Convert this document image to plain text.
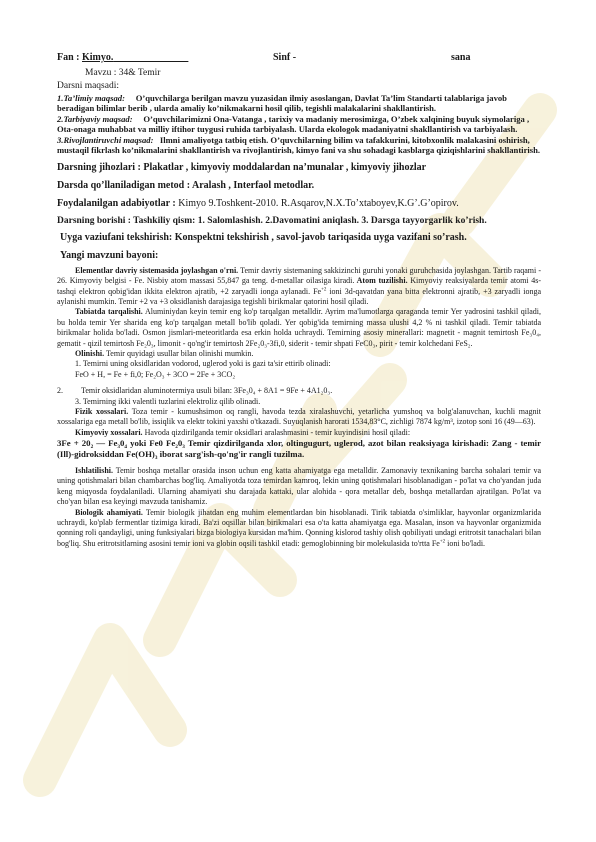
Fan : Kimyo.	Sinf -	sana
Mavzu : 34& Temir
Darsni maqsadi:
1.Ta’limiy maqsad: O’quvchilarga berilgan mavzu yuzasidan ilmiy asoslangan, Davlat Ta’lim Standarti talablariga javob beradigan bilimlar berib , ularda amaliy ko’nikmakarni hosil qilib, tegishli malakalarini shakllantirish.
2.Tarbiyaviy maqsad: O’quvchilarimizni Ona-Vatanga , tarixiy va madaniy merosimizga, O’zbek xalqining buyuk siymolariga , Ota-onaga muhabbat va milliy iftihor tuygusi ruhida tarbiyalash. Ularda ekologok madaniyatni shakllantirish va tarbiyalash.
3.Rivojlantiruvchi maqsad: Ilmni amaliyotga tatbiq etish. O’quvchilarning bilim va tafakkurini, kitobxonlik malakasini oshirish, mustaqil fikrlash ko’nikmalarini shakllantirish va rivojlantirish, kimyo fani va shu sohadagi kasblarga qiziqishlarini shakllantirish.
Darsning jihozlari : Plakatlar , kimyoviy moddalardan na’munalar , kimyoviy jihozlar
Darsda qo’llaniladigan metod : Aralash , Interfaol metodlar.
Foydalanilgan adabiyotlar : Kimyo 9.Toshkent-2010. R.Asqarov,N.X.To’xtaboyev,K.G’.G’opirov.
Darsning borishi : Tashkiliy qism: 1. Salomlashish. 2.Davomatini aniqlash. 3. Darsga tayyorgarlik ko’rish.
Uyga vaziufani tekshirish: Konspektni tekshirish , savol-javob tariqasida uyga vazifani so’rash.
Yangi mavzuni bayoni:

Elementlar davriy sistemasida joylashgan o'rni. Temir davriy sistemaning sakkizinchi guruhi yonaki guruhchasida joylashgan. Tartib raqami - 26. Kimyoviy belgisi - Fe. Nisbiy atom massasi 55,847 ga teng. d-metallar oilasiga kiradi. Atom tuzilishi. Kimyoviy reaksiyalarda temir atomi 4s-tashqi elektron qobig'idan ikkita elektron ajratib, +2 zaryadli ionga aylanadi. $Fe^{+2}$ ioni 3d-qavatdan yana bitta elektronni ajratib, +3 zaryadli ionga aylanishi mumkin. Temir +2 va +3 oksidlanish darajasiga tegishli birikmalar qatorini hosil qiladi.

Tabiatda tarqalishi. Aluminiydan keyin temir eng ko'p tarqalgan metalldir. Ayrim ma'lumotlarga qaraganda temir Yer yadrosini tashkil qiladi, bu holda temir Yer sharida eng ko'p tarqalgan metall bo'lib qoladi. Yer qobig'ida temirning massa ulushi 4,2 % ni tashkil qiladi. Temir tabiatda birikmalar holida bo'ladi. Osmon jismlari-meteoritlarda esa erkin holda uchraydi. Temirning asosiy minerallari: magnetit - magnit temirtosh Fe₃0₄, gematit - qizil temirtosh Fe₂0₃, limonit - qo'ng'ir temirtosh 2Fe₂0₃-3fi,0, siderit - temir shpati FeC0₃, pirit - temir kolchedani FeS₂.

Olinishi. Temir quyidagi usullar bilan olinishi mumkin.

1. Temirni uning oksidlaridan vodorod, uglerod yoki is gazi ta'sir ettirib olinadi:

FeO + H, = Fe + fi,0; Fe₂O₃ + 3CO = 2Fe + 3CO₂

2. Temir oksidlaridan aluminotermiya usuli bilan: 3Fe₃0₄ + 8A1 = 9Fe + 4A1₂0₃.

3. Temirning ikki valentli tuzlarini elektroliz qilib olinadi.

Fizik xossalari. Toza temir - kumushsimon oq rangli, havoda tezda xiralashuvchi, yetarlicha yumshoq va bolg'alanuvchan, kuchli magnit xossalariga ega metall bo'lib, issiqlik va elektr tokini yaxshi o'tkazadi. Suyuqlanish harorati 1534,83°C, zichligi 7874 kg/m³, izotop soni 16 (49—63).

Kimyoviy xossalari. Havoda qizdirilganda temir oksidlari aralashmasini - temir kuyindisini hosil qiladi:

3Fe + 20₂ — Fe₃0₄ yoki Fe0 Fe₂0₃ Temir qizdirilganda xlor, oltingugurt, uglerod, azot bilan reaksiyaga kirishadi: Zang - temir (Ill)-gidroksiddan Fe(OH)₃ iborat sarg'ish-qo'ng'ir rangli tuzilma.

Ishlatilishi. Temir boshqa metallar orasida inson uchun eng katta ahamiyatga ega metalldir. Zamonaviy texnikaning barcha sohalari temir va uning qotishmalari bilan chambarchas bog'liq. Amaliyotda toza temirdan kamroq, lekin uning qotishmalari hisoblanadigan - po'lat va cho'yandan juda keng miqyosda foydalaniladi. Ularning ahamiyati shu darajada kattaki, ular alohida - qora metallar deb, boshqa metallardan ajratilgan. Po'lat va cho'yan bilan esa keyingi mavzuda tanishamiz.

Biologik ahamiyati. Temir biologik jihatdan eng muhim elementlardan bin hisoblanadi. Tirik tabiatda o'simliklar, hayvonlar organizmlarida uchraydi, ko'plab fermentlar tizimiga kiradi. Ba'zi oqsillar bilan birikmalari esa o'ta katta ahamiyatga ega. Masalan, inson va hayvonlar organizmida qonning roli qandayligi, uning funksiyalari bizga biologiya kursidan ma'him. Qonning kislorod tashiy olish qobiliyati undagi eritrotsit tanachalari bilan bog'liq. Shu eritrotsitlarning asosini temir ioni va globin oqsili tashkil etadi: gemoglobinning bir molekulasida to'rtta $Fe^{+2}$ ioni bo'ladi.
